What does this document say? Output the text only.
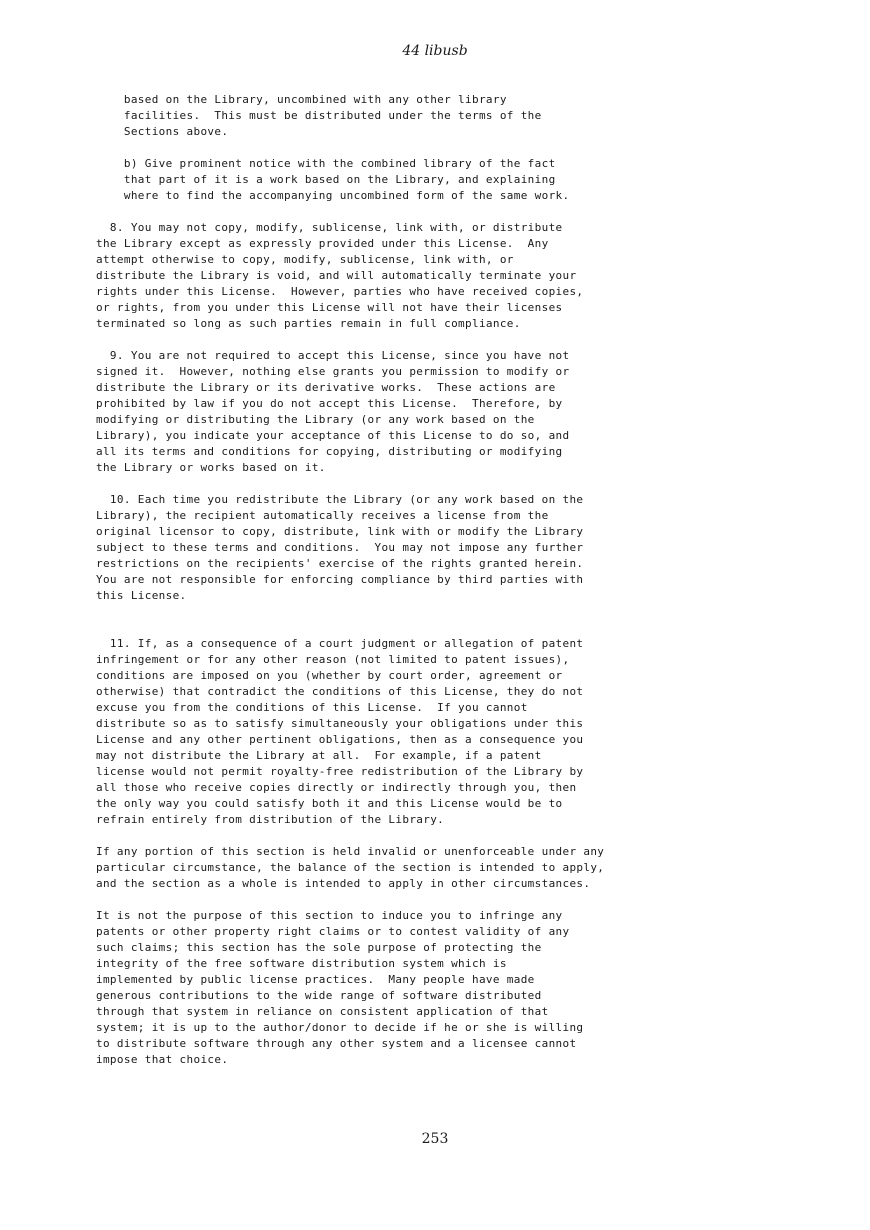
44 libusb
based on the Library, uncombined with any other library
facilities.  This must be distributed under the terms of the
Sections above.

b) Give prominent notice with the combined library of the fact
that part of it is a work based on the Library, and explaining
where to find the accompanying uncombined form of the same work.

8. You may not copy, modify, sublicense, link with, or distribute
the Library except as expressly provided under this License.  Any
attempt otherwise to copy, modify, sublicense, link with, or
distribute the Library is void, and will automatically terminate your
rights under this License.  However, parties who have received copies,
or rights, from you under this License will not have their licenses
terminated so long as such parties remain in full compliance.

9. You are not required to accept this License, since you have not
signed it.  However, nothing else grants you permission to modify or
distribute the Library or its derivative works.  These actions are
prohibited by law if you do not accept this License.  Therefore, by
modifying or distributing the Library (or any work based on the
Library), you indicate your acceptance of this License to do so, and
all its terms and conditions for copying, distributing or modifying
the Library or works based on it.

10. Each time you redistribute the Library (or any work based on the
Library), the recipient automatically receives a license from the
original licensor to copy, distribute, link with or modify the Library
subject to these terms and conditions.  You may not impose any further
restrictions on the recipients' exercise of the rights granted herein.
You are not responsible for enforcing compliance by third parties with
this License.

11. If, as a consequence of a court judgment or allegation of patent
infringement or for any other reason (not limited to patent issues),
conditions are imposed on you (whether by court order, agreement or
otherwise) that contradict the conditions of this License, they do not
excuse you from the conditions of this License.  If you cannot
distribute so as to satisfy simultaneously your obligations under this
License and any other pertinent obligations, then as a consequence you
may not distribute the Library at all.  For example, if a patent
license would not permit royalty-free redistribution of the Library by
all those who receive copies directly or indirectly through you, then
the only way you could satisfy both it and this License would be to
refrain entirely from distribution of the Library.

If any portion of this section is held invalid or unenforceable under any
particular circumstance, the balance of the section is intended to apply,
and the section as a whole is intended to apply in other circumstances.

It is not the purpose of this section to induce you to infringe any
patents or other property right claims or to contest validity of any
such claims; this section has the sole purpose of protecting the
integrity of the free software distribution system which is
implemented by public license practices.  Many people have made
generous contributions to the wide range of software distributed
through that system in reliance on consistent application of that
system; it is up to the author/donor to decide if he or she is willing
to distribute software through any other system and a licensee cannot
impose that choice.
253
